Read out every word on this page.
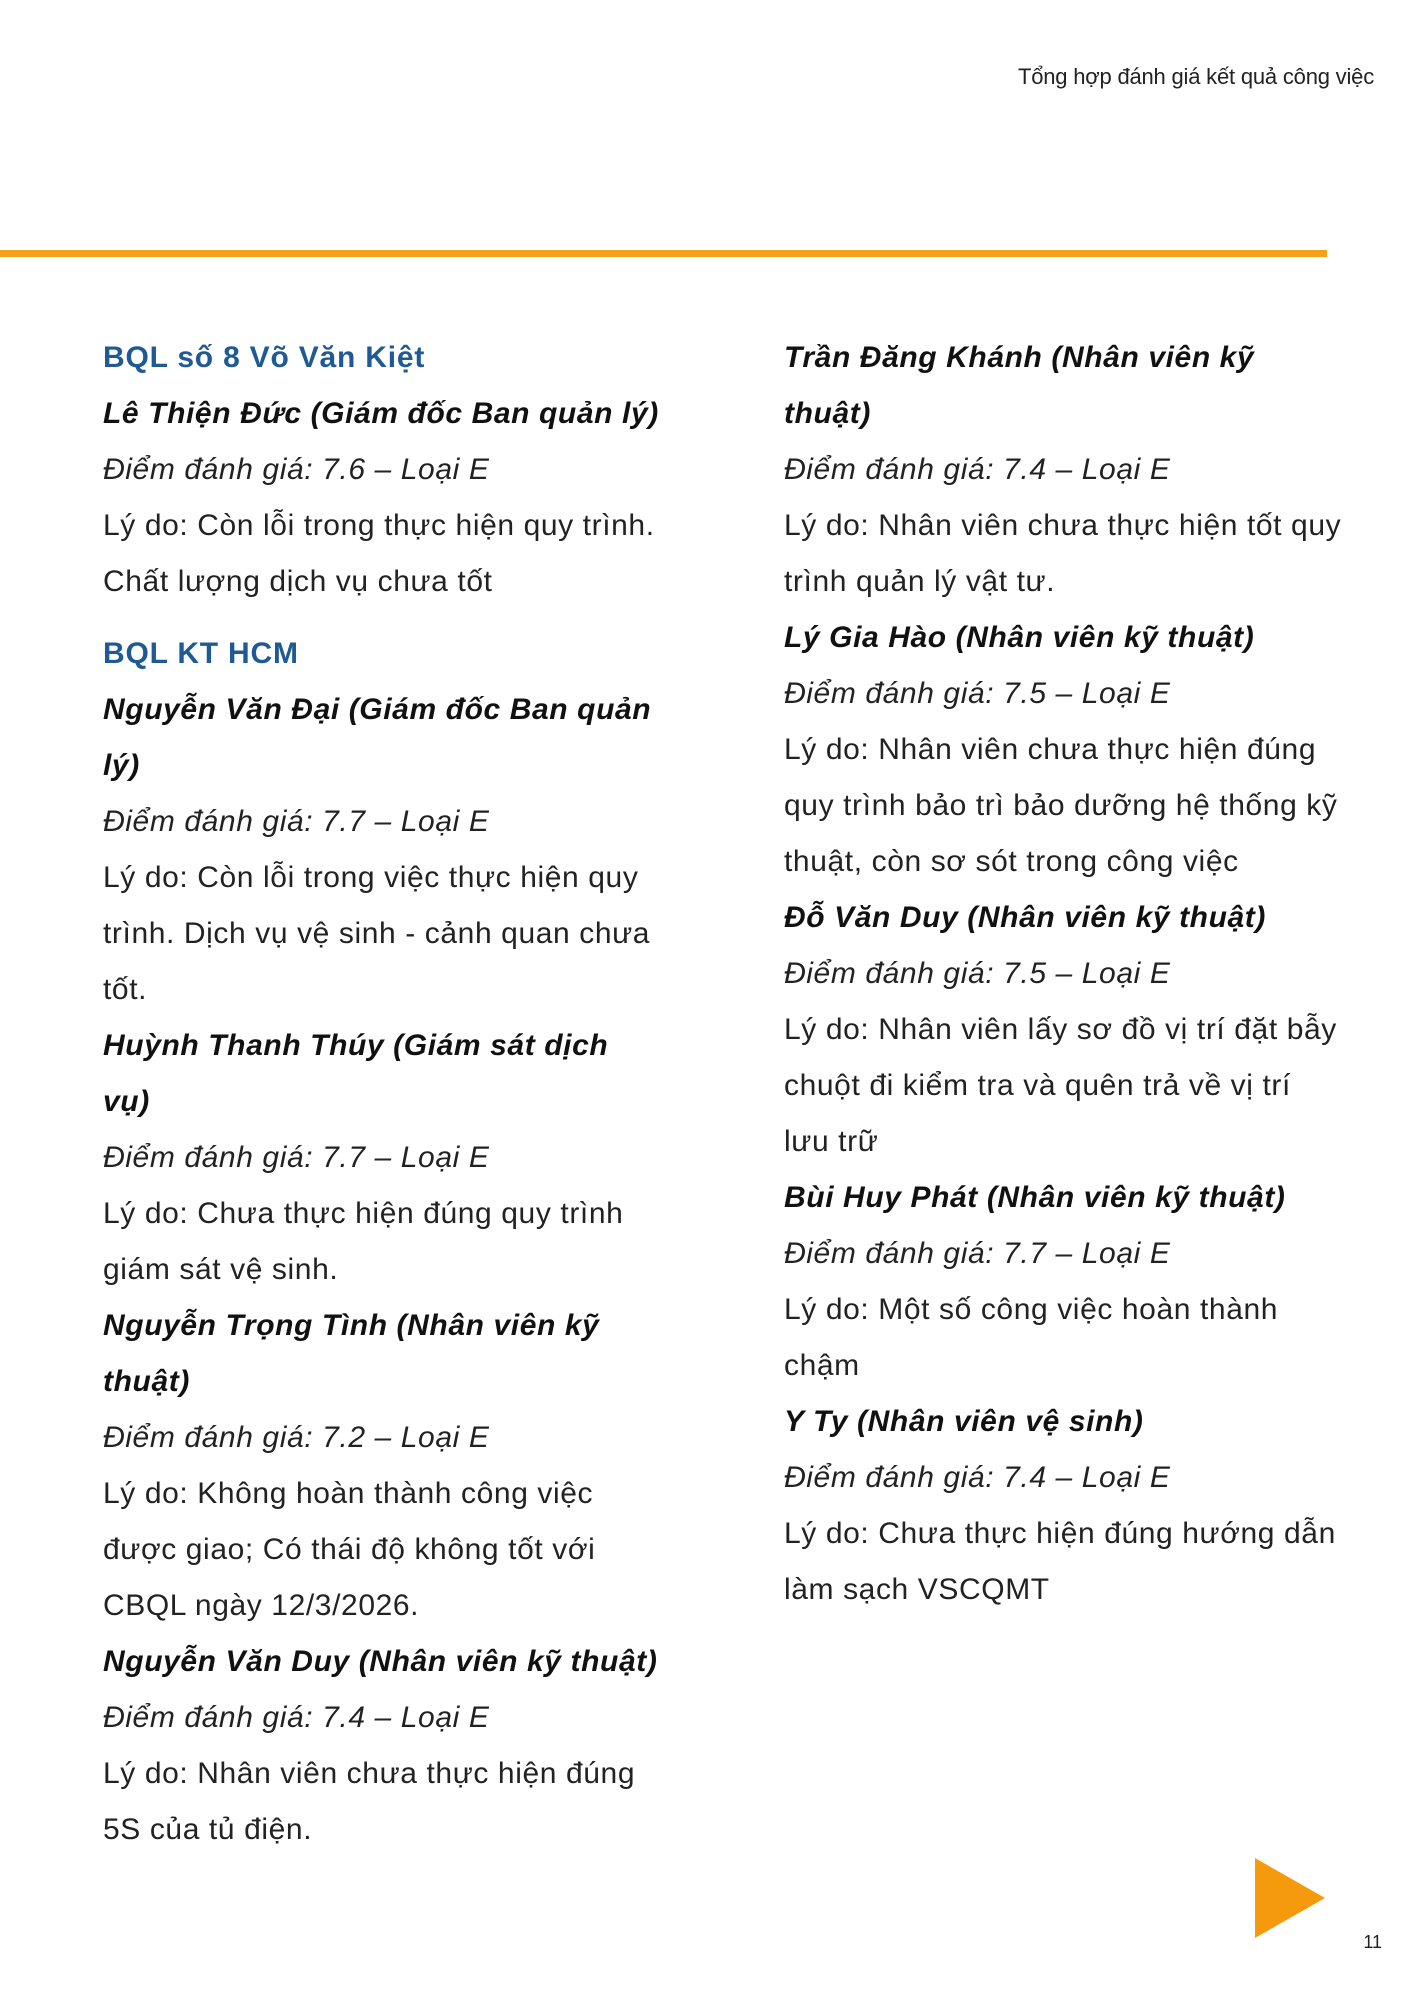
Tổng hợp đánh giá kết quả công việc

BQL số 8 Võ Văn Kiệt

Lê Thiện Đức (Giám đốc Ban quản lý)

Điểm đánh giá: 7.6 – Loại E

Lý do: Còn lỗi trong thực hiện quy trình. Chất lượng dịch vụ chưa tốt

BQL KT HCM

Nguyễn Văn Đại (Giám đốc Ban quản lý)

Điểm đánh giá: 7.7 – Loại E

Lý do: Còn lỗi trong việc thực hiện quy trình. Dịch vụ vệ sinh - cảnh quan chưa tốt.

Huỳnh Thanh Thúy (Giám sát dịch vụ)

Điểm đánh giá: 7.7 – Loại E

Lý do: Chưa thực hiện đúng quy trình giám sát vệ sinh.

Nguyễn Trọng Tình (Nhân viên kỹ thuật)

Điểm đánh giá: 7.2 – Loại E

Lý do: Không hoàn thành công việc được giao; Có thái độ không tốt với CBQL ngày 12/3/2026.

Nguyễn Văn Duy (Nhân viên kỹ thuật)

Điểm đánh giá: 7.4 – Loại E

Lý do: Nhân viên chưa thực hiện đúng 5S của tủ điện.

Trần Đăng Khánh (Nhân viên kỹ thuật)

Điểm đánh giá: 7.4 – Loại E

Lý do: Nhân viên chưa thực hiện tốt quy trình quản lý vật tư.

Lý Gia Hào (Nhân viên kỹ thuật)

Điểm đánh giá: 7.5 – Loại E

Lý do: Nhân viên chưa thực hiện đúng quy trình bảo trì bảo dưỡng hệ thống kỹ thuật, còn sơ sót trong công việc

Đỗ Văn Duy (Nhân viên kỹ thuật)

Điểm đánh giá: 7.5 – Loại E

Lý do: Nhân viên lấy sơ đồ vị trí đặt bẫy chuột đi kiểm tra và quên trả về vị trí lưu trữ

Bùi Huy Phát (Nhân viên kỹ thuật)

Điểm đánh giá: 7.7 – Loại E

Lý do: Một số công việc hoàn thành chậm

Y Ty (Nhân viên vệ sinh)

Điểm đánh giá: 7.4 – Loại E

Lý do: Chưa thực hiện đúng hướng dẫn làm sạch VSCQMT

11
